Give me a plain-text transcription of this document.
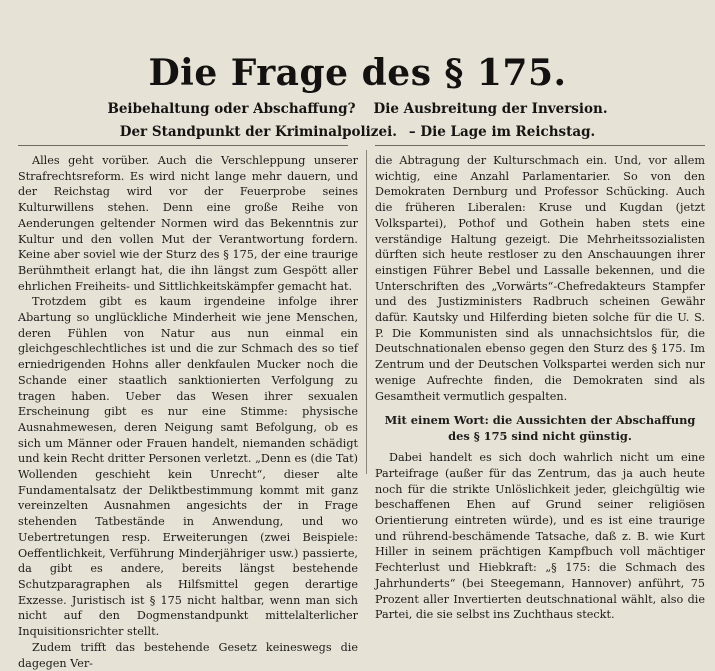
Die Frage des § 175.
Beibehaltung oder Abschaffung? Die Ausbreitung der Inversion.
Der Standpunkt der Kriminalpolizei. – Die Lage im Reichstag.

Alles geht vorüber. Auch die Verschleppung unserer Strafrechtsreform. Es wird nicht lange mehr dauern, und der Reichstag wird vor der Feuerprobe seines Kulturwillens stehen. Denn eine große Reihe von Aenderungen geltender Normen wird das Bekenntnis zur Kultur und den vollen Mut der Verantwortung fordern. Keine aber soviel wie der Sturz des § 175, der eine traurige Berühmtheit erlangt hat, die ihn längst zum Gespött aller ehrlichen Freiheits- und Sittlichkeitskämpfer gemacht hat.

Trotzdem gibt es kaum irgendeine infolge ihrer Abartung so unglückliche Minderheit wie jene Menschen, deren Fühlen von Natur aus nun einmal ein gleichgeschlechtliches ist und die zur Schmach des so tief erniedrigenden Hohns aller denkfaulen Mucker noch die Schande einer staatlich sanktionierten Verfolgung zu tragen haben. Ueber das Wesen ihrer sexualen Erscheinung gibt es nur eine Stimme: physische Ausnahmewesen, deren Neigung samt Befolgung, ob es sich um Männer oder Frauen handelt, niemanden schädigt und kein Recht dritter Personen verletzt. „Denn es (die Tat) Wollenden geschieht kein Unrecht“, dieser alte Fundamentalsatz der Deliktbestimmung kommt mit ganz vereinzelten Ausnahmen angesichts der in Frage stehenden Tatbestände in Anwendung, und wo Uebertretungen resp. Erweiterungen (zwei Beispiele: Oeffentlichkeit, Verführung Minderjähriger usw.) passierte, da gibt es andere, bereits längst bestehende Schutzparagraphen als Hilfsmittel gegen derartige Exzesse. Juristisch ist § 175 nicht haltbar, wenn man sich nicht auf den Dogmenstandpunkt mittelalterlicher Inquisitionsrichter stellt.

Zudem trifft das bestehende Gesetz keineswegs die dagegen Ver-

die Abtragung der Kulturschmach ein. Und, vor allem wichtig, eine Anzahl Parlamentarier. So von den Demokraten Dernburg und Professor Schücking. Auch die früheren Liberalen: Kruse und Kugdan (jetzt Volkspartei), Pothof und Gothein haben stets eine verständige Haltung gezeigt. Die Mehrheitssozialisten dürften sich heute restloser zu den Anschauungen ihrer einstigen Führer Bebel und Lassalle bekennen, und die Unterschriften des „Vorwärts“-Chefredakteurs Stampfer und des Justizministers Radbruch scheinen Gewähr dafür. Kautsky und Hilferding bieten solche für die U. S. P. Die Kommunisten sind als unnachsichtslos für, die Deutschnationalen ebenso gegen den Sturz des § 175. Im Zentrum und der Deutschen Volkspartei werden sich nur wenige Aufrechte finden, die Demokraten sind als Gesamtheit vermutlich gespalten.

Mit einem Wort: die Aussichten der Abschaffung
des § 175 sind nicht günstig.

Dabei handelt es sich doch wahrlich nicht um eine Parteifrage (außer für das Zentrum, das ja auch heute noch für die strikte Unlöslichkeit jeder, gleichgültig wie beschaffenen Ehen auf Grund seiner religiösen Orientierung eintreten würde), und es ist eine traurige und rührend-beschämende Tatsache, daß z. B. wie Kurt Hiller in seinem prächtigen Kampfbuch voll mächtiger Fechterlust und Hiebkraft: „§ 175: die Schmach des Jahrhunderts“ (bei Steegemann, Hannover) anführt, 75 Prozent aller Invertierten deutschnational wählt, also die Partei, die sie selbst ins Zuchthaus steckt.
